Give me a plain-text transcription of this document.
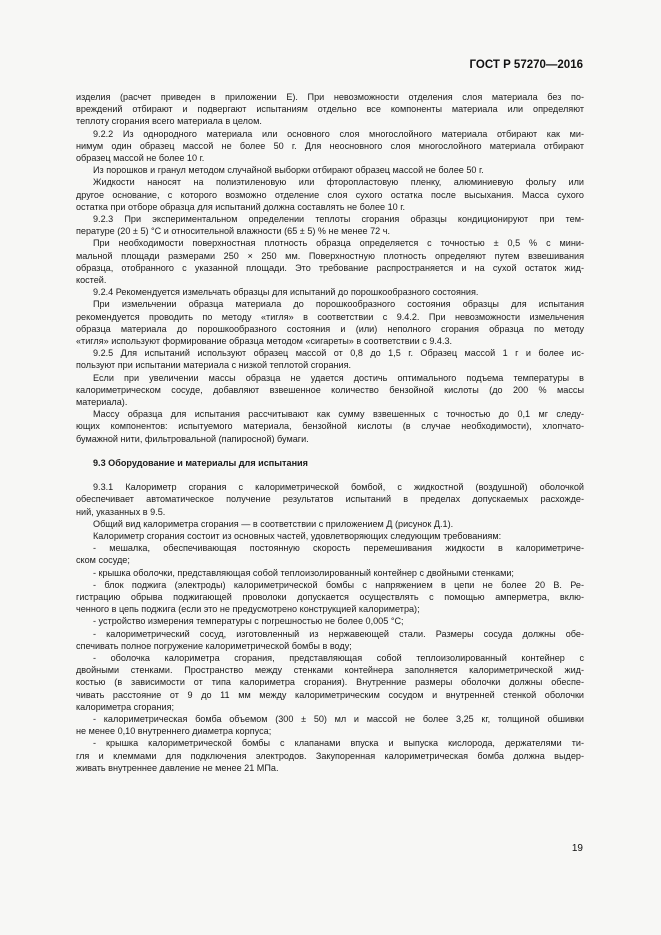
ГОСТ Р 57270—2016
изделия (расчет приведен в приложении Е). При невозможности отделения слоя материала без по-
вреждений отбирают и подвергают испытаниям отдельно все компоненты материала или определяют
теплоту сгорания всего материала в целом.
9.2.2 Из однородного материала или основного слоя многослойного материала отбирают как ми-
нимум один образец массой не более 50 г. Для неосновного слоя многослойного материала отбирают
образец массой не более 10 г.
Из порошков и гранул методом случайной выборки отбирают образец массой не более 50 г.
Жидкости наносят на полиэтиленовую или фторопластовую пленку, алюминиевую фольгу или
другое основание, с которого возможно отделение слоя сухого остатка после высыхания. Масса сухого
остатка при отборе образца для испытаний должна составлять не более 10 г.
9.2.3 При экспериментальном определении теплоты сгорания образцы кондиционируют при тем-
пературе (20 ± 5) °С и относительной влажности (65 ± 5) % не менее 72 ч.
При необходимости поверхностная плотность образца определяется с точностью ± 0,5 % с мини-
мальной площади размерами 250 × 250 мм. Поверхностную плотность определяют путем взвешивания
образца, отобранного с указанной площади. Это требование распространяется и на сухой остаток жид-
костей.
9.2.4 Рекомендуется измельчать образцы для испытаний до порошкообразного состояния.
При измельчении образца материала до порошкообразного состояния образцы для испытания
рекомендуется проводить по методу «тигля» в соответствии с 9.4.2. При невозможности измельчения
образца материала до порошкообразного состояния и (или) неполного сгорания образца по методу
«тигля» используют формирование образца методом «сигареты» в соответствии с 9.4.3.
9.2.5 Для испытаний используют образец массой от 0,8 до 1,5 г. Образец массой 1 г и более ис-
пользуют при испытании материала с низкой теплотой сгорания.
Если при увеличении массы образца не удается достичь оптимального подъема температуры в
калориметрическом сосуде, добавляют взвешенное количество бензойной кислоты (до 200 % массы
материала).
Массу образца для испытания рассчитывают как сумму взвешенных с точностью до 0,1 мг следу-
ющих компонентов: испытуемого материала, бензойной кислоты (в случае необходимости), хлопчато-
бумажной нити, фильтровальной (папиросной) бумаги.
9.3 Оборудование и материалы для испытания
9.3.1 Калориметр сгорания с калориметрической бомбой, с жидкостной (воздушной) оболочкой
обеспечивает автоматическое получение результатов испытаний в пределах допускаемых расхожде-
ний, указанных в 9.5.
Общий вид калориметра сгорания — в соответствии с приложением Д (рисунок Д.1).
Калориметр сгорания состоит из основных частей, удовлетворяющих следующим требованиям:
- мешалка, обеспечивающая постоянную скорость перемешивания жидкости в калориметриче-
ском сосуде;
- крышка оболочки, представляющая собой теплоизолированный контейнер с двойными стенками;
- блок поджига (электроды) калориметрической бомбы с напряжением в цепи не более 20 В. Ре-
гистрацию обрыва поджигающей проволоки допускается осуществлять с помощью амперметра, вклю-
ченного в цепь поджига (если это не предусмотрено конструкцией калориметра);
- устройство измерения температуры с погрешностью не более 0,005 °С;
- калориметрический сосуд, изготовленный из нержавеющей стали. Размеры сосуда должны обе-
спечивать полное погружение калориметрической бомбы в воду;
- оболочка калориметра сгорания, представляющая собой теплоизолированный контейнер с
двойными стенками. Пространство между стенками контейнера заполняется калориметрической жид-
костью (в зависимости от типа калориметра сгорания). Внутренние размеры оболочки должны обеспе-
чивать расстояние от 9 до 11 мм между калориметрическим сосудом и внутренней стенкой оболочки
калориметра сгорания;
- калориметрическая бомба объемом (300 ± 50) мл и массой не более 3,25 кг, толщиной обшивки
не менее 0,10 внутреннего диаметра корпуса;
- крышка калориметрической бомбы с клапанами впуска и выпуска кислорода, держателями ти-
гля и клеммами для подключения электродов. Закупоренная калориметрическая бомба должна выдер-
живать внутреннее давление не менее 21 МПа.
19
